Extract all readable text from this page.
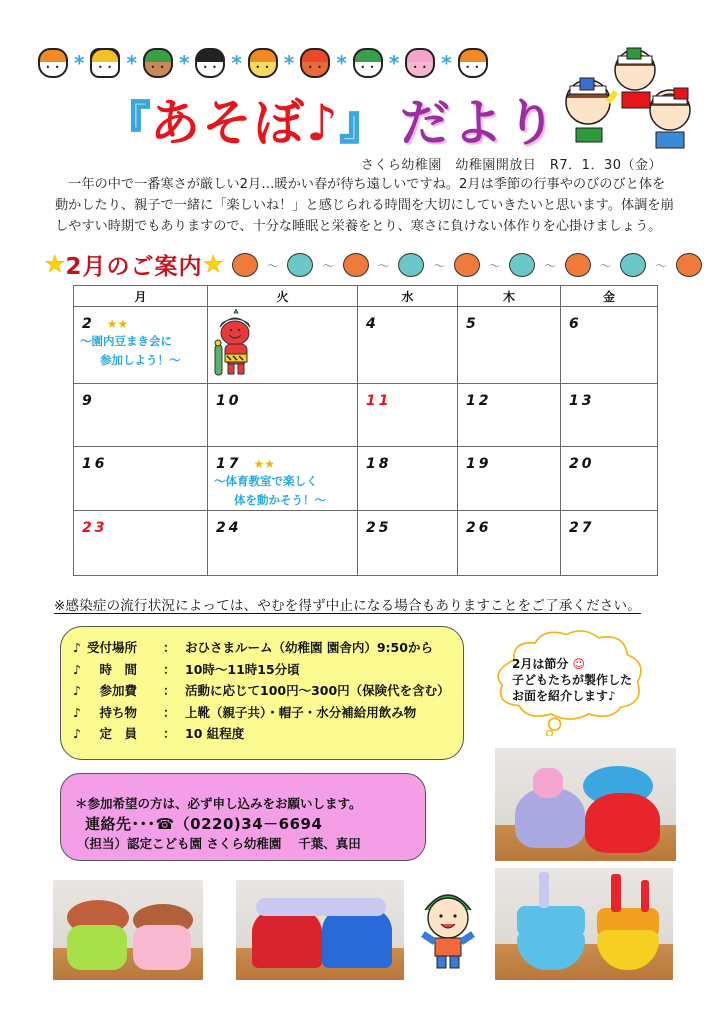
• •
* • • * • • * • • * • • * • • * • • * • • *
• •
『 あそぼ♪ 』 だより
さくら幼稚園　幼稚園開放日　R7．1．30（金）

　一年の中で一番寒さが厳しい2月…暖かい春が待ち遠しいですね。2月は季節の行事やのびのびと体を

動かしたり、親子で一緒に「楽しいね！」と感じられる時間を大切にしていきたいと思います。体調を崩

しやすい時期でもありますので、十分な睡眠と栄養をとり、寒さに負けない体作りを心掛けましょう。

★ 2月のご案内 ★	〜	〜	〜	〜	〜	〜	〜	〜
月	火	水	木	金
2 ★★
～園内豆まき会に
参加しよう！～		4	5	6
9	10	11	12	13
16	17 ★★
～体育教室で楽しく
体を動かそう！～	18	19	20
23	24	25	26	27
※感染症の流行状況によっては、やむを得ず中止になる場合もありますことをご了承ください。
♪ 受付場所	： おひさまルーム（幼稚園 園舎内）9:50から
♪ 　時　間	： 10時～11時15分頃
♪ 　参加費	： 活動に応じて100円～300円（保険代を含む）
♪ 　持ち物	： 上靴（親子共）・帽子・水分補給用飲み物
♪ 　定　員	： 10 組程度
2月は節分 ☺
子どもたちが製作した
お面を紹介します♪
＊参加希望の方は、必ず申し込みをお願いします。
連絡先･･･☎（0220)34－6694
（担当）認定こども園 さくら幼稚園　 千葉、真田
